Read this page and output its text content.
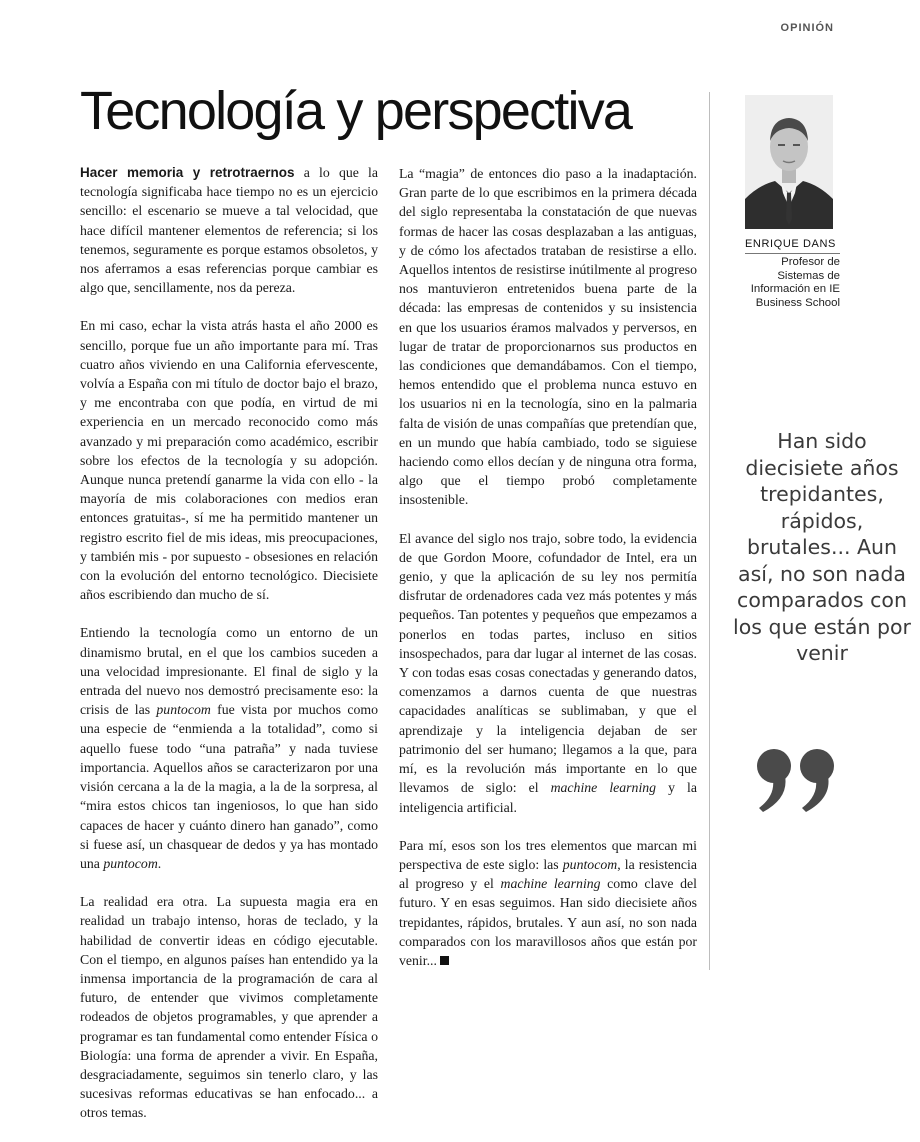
OPINIÓN
Tecnología y perspectiva

Hacer memoria y retrotraernos a lo que la tecnología significaba hace tiempo no es un ejercicio sencillo: el escenario se mueve a tal velocidad, que hace difícil mantener elementos de referencia; si los tenemos, seguramente es porque estamos obsoletos, y nos aferramos a esas referencias porque cambiar es algo que, sencillamente, nos da pereza.

En mi caso, echar la vista atrás hasta el año 2000 es sencillo, porque fue un año importante para mí. Tras cuatro años viviendo en una California efervescente, volvía a España con mi título de doctor bajo el brazo, y me encontraba con que podía, en virtud de mi experiencia en un mercado reconocido como más avanzado y mi preparación como académico, escribir sobre los efectos de la tecnología y su adopción. Aunque nunca pretendí ganarme la vida con ello - la mayoría de mis colaboraciones con medios eran entonces gratuitas-, sí me ha permitido mantener un registro escrito fiel de mis ideas, mis preocupaciones, y también mis - por supuesto - obsesiones en relación con la evolución del entorno tecnológico. Diecisiete años escribiendo dan mucho de sí.

Entiendo la tecnología como un entorno de un dinamismo brutal, en el que los cambios suceden a una velocidad impresionante. El final de siglo y la entrada del nuevo nos demostró precisamente eso: la crisis de las puntocom fue vista por muchos como una especie de “enmienda a la totalidad”, como si aquello fuese todo “una patraña” y nada tuviese importancia. Aquellos años se caracterizaron por una visión cercana a la de la magia, a la de la sorpresa, al “mira estos chicos tan ingeniosos, lo que han sido capaces de hacer y cuánto dinero han ganado”, como si fuese así, un chasquear de dedos y ya has montado una puntocom.

La realidad era otra. La supuesta magia era en realidad un trabajo intenso, horas de teclado, y la habilidad de convertir ideas en código ejecutable. Con el tiempo, en algunos países han entendido ya la inmensa importancia de la programación de cara al futuro, de entender que vivimos completamente rodeados de objetos programables, y que aprender a programar es tan fundamental como entender Física o Biología: una forma de aprender a vivir. En España, desgraciadamente, seguimos sin tenerlo claro, y las sucesivas reformas educativas se han enfocado... a otros temas.

La “magia” de entonces dio paso a la inadaptación. Gran parte de lo que escribimos en la primera década del siglo representaba la constatación de que nuevas formas de hacer las cosas desplazaban a las antiguas, y de cómo los afectados trataban de resistirse a ello. Aquellos intentos de resistirse inútilmente al progreso nos mantuvieron entretenidos buena parte de la década: las empresas de contenidos y su insistencia en que los usuarios éramos malvados y perversos, en lugar de tratar de proporcionarnos sus productos en las condiciones que demandábamos. Con el tiempo, hemos entendido que el problema nunca estuvo en los usuarios ni en la tecnología, sino en la palmaria falta de visión de unas compañías que pretendían que, en un mundo que había cambiado, todo se siguiese haciendo como ellos decían y de ninguna otra forma, algo que el tiempo probó completamente insostenible.

El avance del siglo nos trajo, sobre todo, la evidencia de que Gordon Moore, cofundador de Intel, era un genio, y que la aplicación de su ley nos permitía disfrutar de ordenadores cada vez más potentes y más pequeños. Tan potentes y pequeños que empezamos a ponerlos en todas partes, incluso en sitios insospechados, para dar lugar al internet de las cosas. Y con todas esas cosas conectadas y generando datos, comenzamos a darnos cuenta de que nuestras capacidades analíticas se sublimaban, y que el aprendizaje y la inteligencia dejaban de ser patrimonio del ser humano; llegamos a la que, para mí, es la revolución más importante en lo que llevamos de siglo: el machine learning y la inteligencia artificial.

Para mí, esos son los tres elementos que marcan mi perspectiva de este siglo: las puntocom, la resistencia al progreso y el machine learning como clave del futuro. Y en esas seguimos. Han sido diecisiete años trepidantes, rápidos, brutales. Y aun así, no son nada comparados con los maravillosos años que están por venir...

ENRIQUE DANS
Profesor de Sistemas de Información en IE Business School
Han sido diecisiete años trepidantes, rápidos, brutales... Aun así, no son nada comparados con los que están por venir
